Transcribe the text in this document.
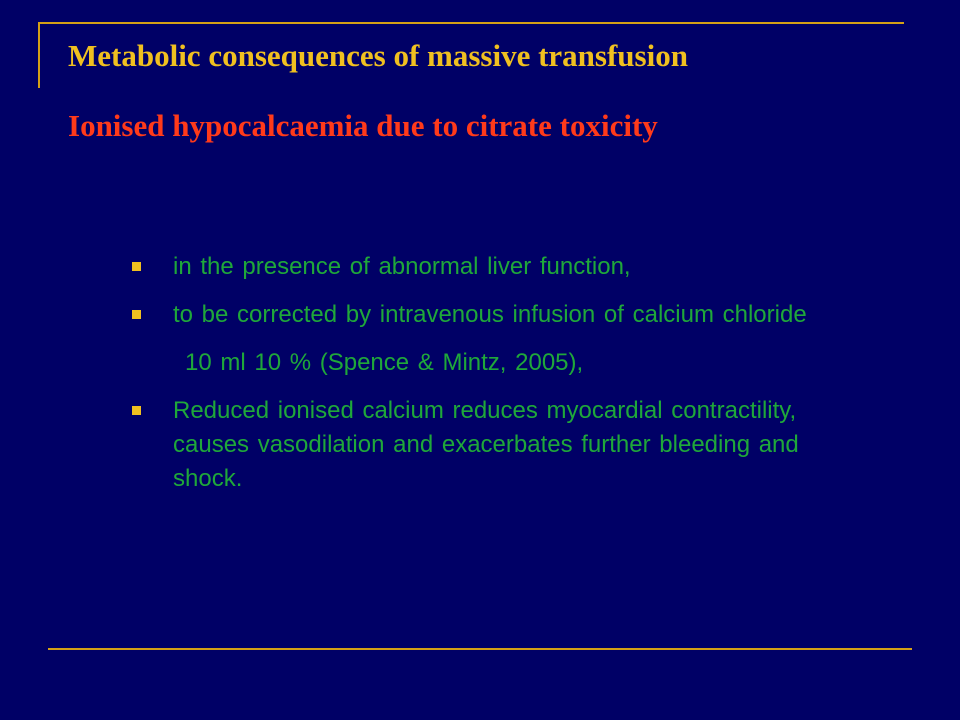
Metabolic consequences of massive transfusion
Ionised hypocalcaemia due to citrate toxicity
in the presence of abnormal liver function,
to be corrected by intravenous infusion of calcium chloride
10 ml 10 % (Spence & Mintz, 2005),
Reduced ionised calcium reduces myocardial contractility, causes vasodilation and exacerbates further bleeding and shock.
